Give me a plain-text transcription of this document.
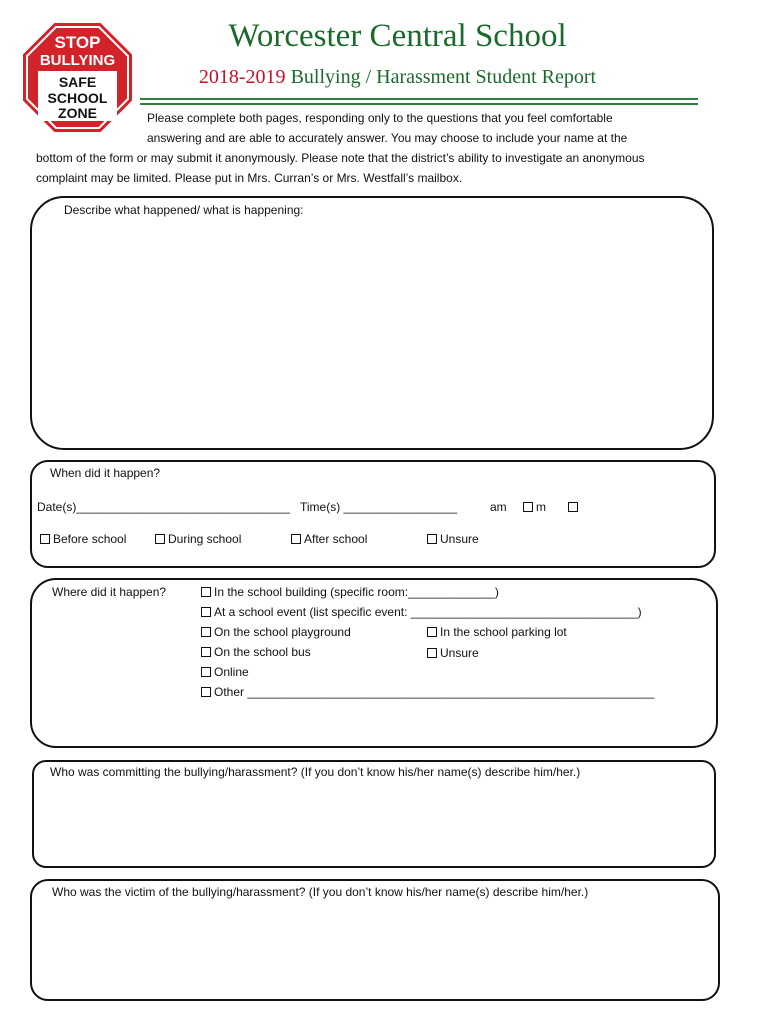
STOP
BULLYING
SAFE
SCHOOL
ZONE
Worcester Central School
2018-2019 Bullying / Harassment Student Report
Please complete both pages, responding only to the questions that you feel comfortable
answering and are able to accurately answer. You may choose to include your name at the
bottom of the form or may submit it anonymously. Please note that the district’s ability to investigate an anonymous
complaint may be limited. Please put in Mrs. Curran’s or Mrs. Westfall’s mailbox.
Describe what happened/ what is happening:
When did it happen?
Date(s)________________________________ Time(s) _________________	am	m
Before school	During school	After school	Unsure
Where did it happen?	In the school building (specific room:_____________)
At a school event (list specific event: __________________________________)
On the school playground	In the school parking lot
On the school bus	Unsure
Online
Other _____________________________________________________________
Who was committing the bullying/harassment? (If you don’t know his/her name(s) describe him/her.)
Who was the victim of the bullying/harassment? (If you don’t know his/her name(s) describe him/her.)
